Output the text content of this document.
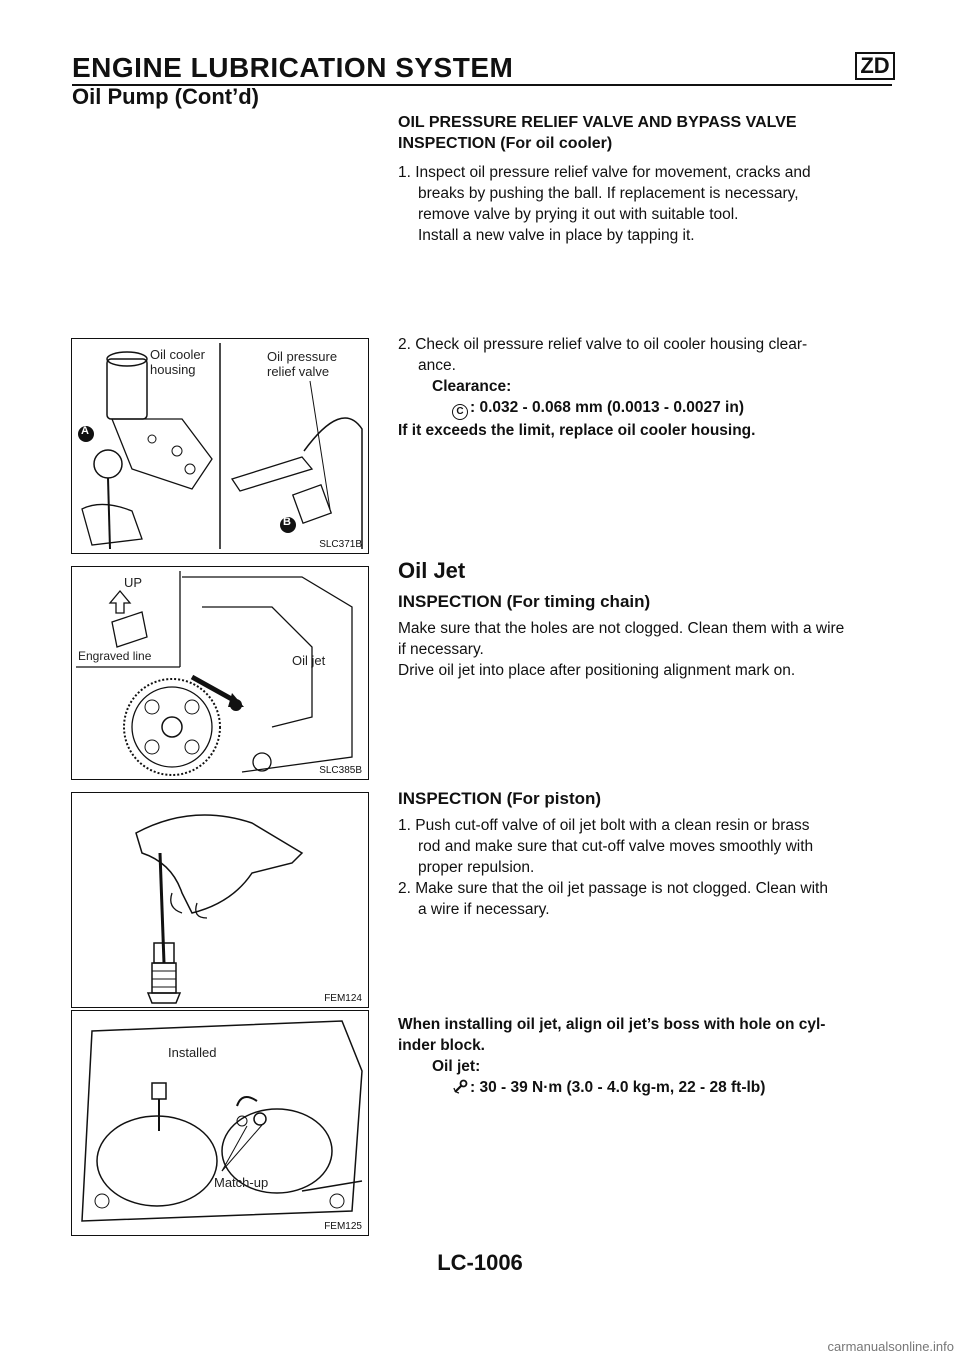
ENGINE LUBRICATION SYSTEM	ZD
Oil Pump (Cont’d)
OIL PRESSURE RELIEF VALVE AND BYPASS VALVE
INSPECTION (For oil cooler)
1. Inspect oil pressure relief valve for movement, cracks and
breaks by pushing the ball. If replacement is necessary,
remove valve by prying it out with suitable tool.
Install a new valve in place by tapping it.
2. Check oil pressure relief valve to oil cooler housing clear-
ance.
Clearance:
C : 0.032 - 0.068 mm (0.0013 - 0.0027 in)
If it exceeds the limit, replace oil cooler housing.
Oil Jet
INSPECTION (For timing chain)
Make sure that the holes are not clogged. Clean them with a wire
if necessary.
Drive oil jet into place after positioning alignment mark on.
INSPECTION (For piston)
1. Push cut-off valve of oil jet bolt with a clean resin or brass
rod and make sure that cut-off valve moves smoothly with
proper repulsion.
2. Make sure that the oil jet passage is not clogged. Clean with
a wire if necessary.
When installing oil jet, align oil jet’s boss with hole on cyl-
inder block.
Oil jet:
: 30 - 39 N·m (3.0 - 4.0 kg-m, 22 - 28 ft-lb)
Oil cooler
housing
Oil pressure
relief valve
A
B
SLC371B
UP
Engraved line	Oil jet
SLC385B
FEM124
Installed
Match-up
FEM125
LC-1006
carmanualsonline.info
